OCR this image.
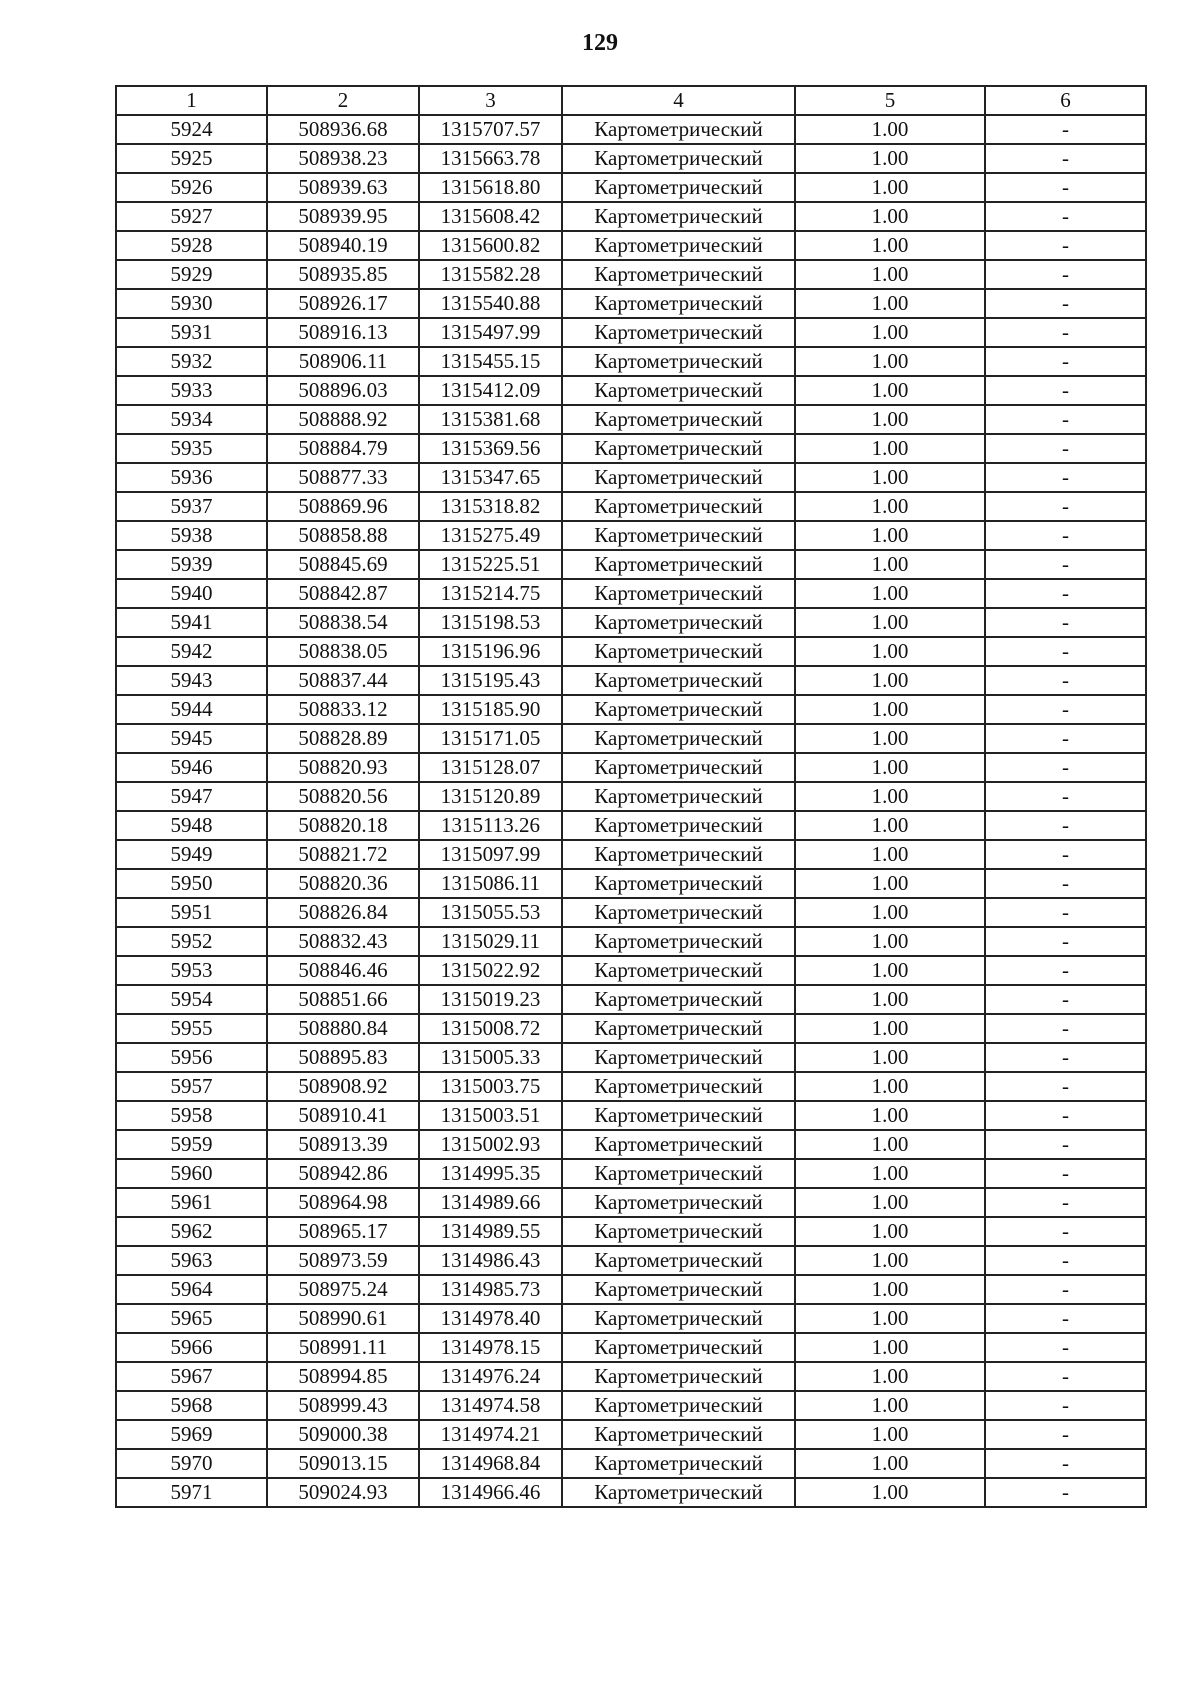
129
1	2	3	4	5	6
5924	508936.68	1315707.57	Картометрический	1.00	-
5925	508938.23	1315663.78	Картометрический	1.00	-
5926	508939.63	1315618.80	Картометрический	1.00	-
5927	508939.95	1315608.42	Картометрический	1.00	-
5928	508940.19	1315600.82	Картометрический	1.00	-
5929	508935.85	1315582.28	Картометрический	1.00	-
5930	508926.17	1315540.88	Картометрический	1.00	-
5931	508916.13	1315497.99	Картометрический	1.00	-
5932	508906.11	1315455.15	Картометрический	1.00	-
5933	508896.03	1315412.09	Картометрический	1.00	-
5934	508888.92	1315381.68	Картометрический	1.00	-
5935	508884.79	1315369.56	Картометрический	1.00	-
5936	508877.33	1315347.65	Картометрический	1.00	-
5937	508869.96	1315318.82	Картометрический	1.00	-
5938	508858.88	1315275.49	Картометрический	1.00	-
5939	508845.69	1315225.51	Картометрический	1.00	-
5940	508842.87	1315214.75	Картометрический	1.00	-
5941	508838.54	1315198.53	Картометрический	1.00	-
5942	508838.05	1315196.96	Картометрический	1.00	-
5943	508837.44	1315195.43	Картометрический	1.00	-
5944	508833.12	1315185.90	Картометрический	1.00	-
5945	508828.89	1315171.05	Картометрический	1.00	-
5946	508820.93	1315128.07	Картометрический	1.00	-
5947	508820.56	1315120.89	Картометрический	1.00	-
5948	508820.18	1315113.26	Картометрический	1.00	-
5949	508821.72	1315097.99	Картометрический	1.00	-
5950	508820.36	1315086.11	Картометрический	1.00	-
5951	508826.84	1315055.53	Картометрический	1.00	-
5952	508832.43	1315029.11	Картометрический	1.00	-
5953	508846.46	1315022.92	Картометрический	1.00	-
5954	508851.66	1315019.23	Картометрический	1.00	-
5955	508880.84	1315008.72	Картометрический	1.00	-
5956	508895.83	1315005.33	Картометрический	1.00	-
5957	508908.92	1315003.75	Картометрический	1.00	-
5958	508910.41	1315003.51	Картометрический	1.00	-
5959	508913.39	1315002.93	Картометрический	1.00	-
5960	508942.86	1314995.35	Картометрический	1.00	-
5961	508964.98	1314989.66	Картометрический	1.00	-
5962	508965.17	1314989.55	Картометрический	1.00	-
5963	508973.59	1314986.43	Картометрический	1.00	-
5964	508975.24	1314985.73	Картометрический	1.00	-
5965	508990.61	1314978.40	Картометрический	1.00	-
5966	508991.11	1314978.15	Картометрический	1.00	-
5967	508994.85	1314976.24	Картометрический	1.00	-
5968	508999.43	1314974.58	Картометрический	1.00	-
5969	509000.38	1314974.21	Картометрический	1.00	-
5970	509013.15	1314968.84	Картометрический	1.00	-
5971	509024.93	1314966.46	Картометрический	1.00	-
